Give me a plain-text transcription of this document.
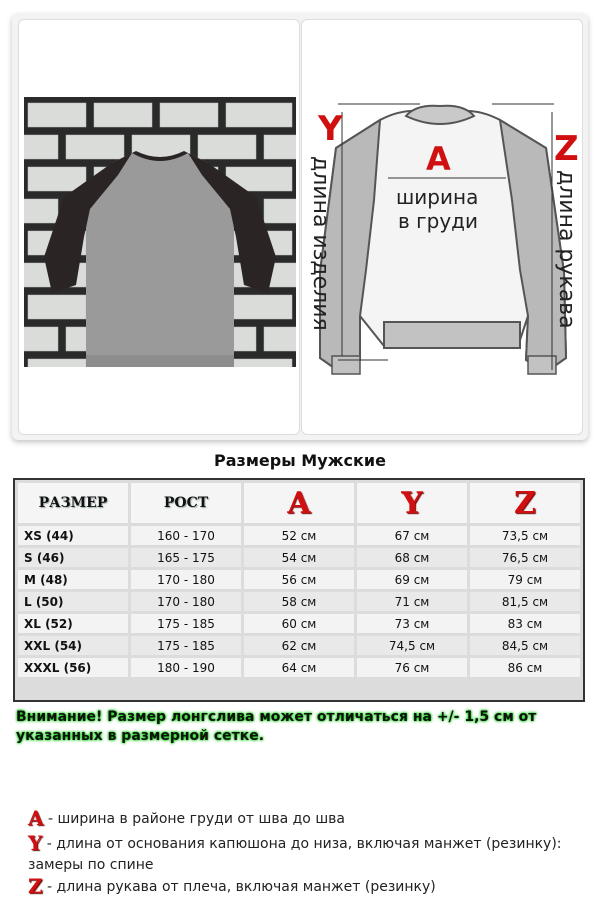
Y
длина изделия	A
ширина
в груди
Z
длина рукава
Размеры Мужские
РАЗМЕР	РОСТ	A	Y	Z
XS (44)	160 - 170	52 см	67 см	73,5 см
S (46)	165 - 175	54 см	68 см	76,5 см
M (48)	170 - 180	56 см	69 см	79 см
L (50)	170 - 180	58 см	71 см	81,5 см
XL (52)	175 - 185	60 см	73 см	83 см
XXL (54)	175 - 185	62 см	74,5 см	84,5 см
XXXL (56)	180 - 190	64 см	76 см	86 см
Внимание! Размер лонгслива может отличаться на +/- 1,5 см от указанных в размерной сетке.
A - ширина в районе груди от шва до шва
Y - длина от основания капюшона до низа, включая манжет (резинку): замеры по спине
Z - длина рукава от плеча, включая манжет (резинку)
